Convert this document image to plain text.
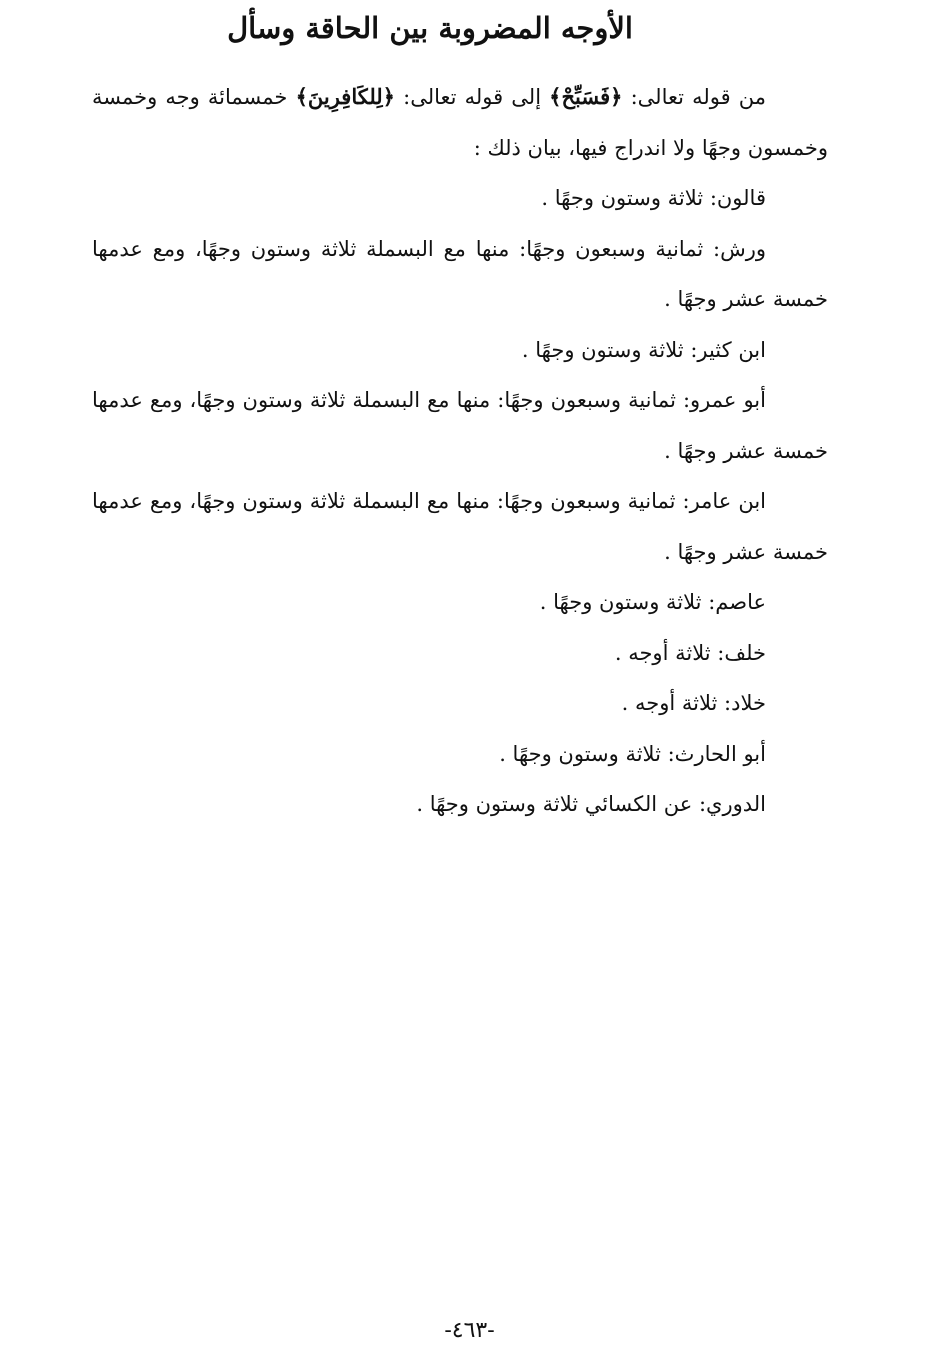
الأوجه المضروبة بين الحاقة وسأل

من قوله تعالى: ﴿فَسَبِّحْ﴾ إلى قوله تعالى: ﴿لِلكَافِرِينَ﴾ خمسمائة وجه وخمسة وخمسون وجهًا ولا اندراج فيها، بيان ذلك :

قالون: ثلاثة وستون وجهًا .

ورش: ثمانية وسبعون وجهًا: منها مع البسملة ثلاثة وستون وجهًا، ومع عدمها خمسة عشر وجهًا .

ابن كثير: ثلاثة وستون وجهًا .

أبو عمرو: ثمانية وسبعون وجهًا: منها مع البسملة ثلاثة وستون وجهًا، ومع عدمها خمسة عشر وجهًا .

ابن عامر: ثمانية وسبعون وجهًا: منها مع البسملة ثلاثة وستون وجهًا، ومع عدمها خمسة عشر وجهًا .

عاصم: ثلاثة وستون وجهًا .

خلف: ثلاثة أوجه .

خلاد: ثلاثة أوجه .

أبو الحارث: ثلاثة وستون وجهًا .

الدوري: عن الكسائي ثلاثة وستون وجهًا .

-٤٦٣-
